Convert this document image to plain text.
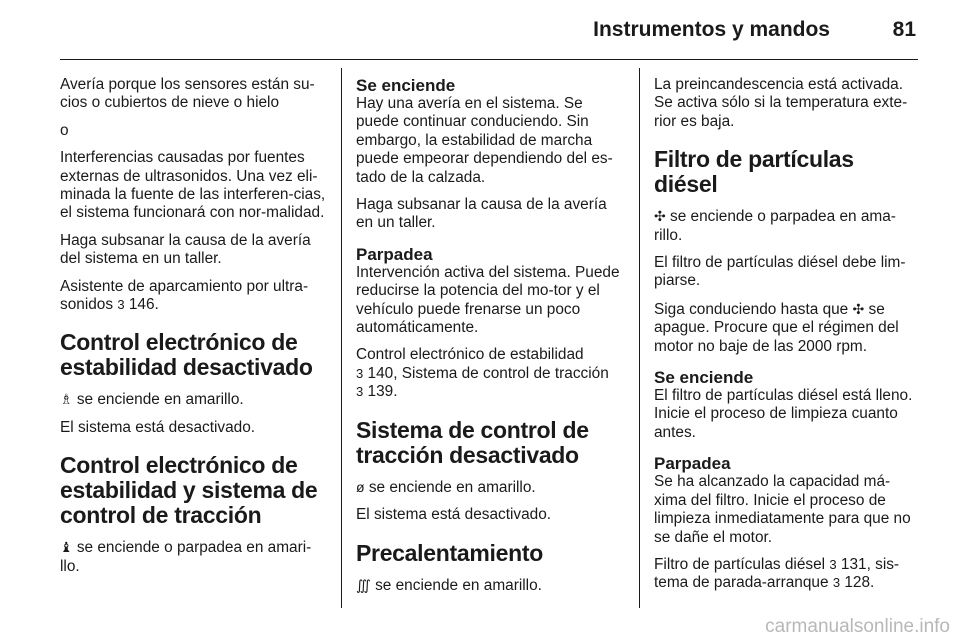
Instrumentos y mandos	81

Avería porque los sensores están su-cios o cubiertos de nieve o hielo

o

Interferencias causadas por fuentes externas de ultrasonidos. Una vez eli-minada la fuente de las interferen-cias, el sistema funcionará con nor-malidad.

Haga subsanar la causa de la avería del sistema en un taller.

Asistente de aparcamiento por ultra-sonidos 3 146.

Control electrónico de estabilidad desactivado

♗ se enciende en amarillo.

El sistema está desactivado.

Control electrónico de estabilidad y sistema de control de tracción

♝ se enciende o parpadea en amari-llo.

Se enciende

Hay una avería en el sistema. Se puede continuar conduciendo. Sin embargo, la estabilidad de marcha puede empeorar dependiendo del es-tado de la calzada.

Haga subsanar la causa de la avería en un taller.

Parpadea

Intervención activa del sistema. Puede reducirse la potencia del mo-tor y el vehículo puede frenarse un poco automáticamente.

Control electrónico de estabilidad
3 140, Sistema de control de tracción
3 139.

Sistema de control de tracción desactivado

ø se enciende en amarillo.

El sistema está desactivado.

Precalentamiento

∭ se enciende en amarillo.

La preincandescencia está activada. Se activa sólo si la temperatura exte-rior es baja.

Filtro de partículas diésel

✣ se enciende o parpadea en ama-rillo.

El filtro de partículas diésel debe lim-piarse.

Siga conduciendo hasta que ✣ se apague. Procure que el régimen del motor no baje de las 2000 rpm.

Se enciende

El filtro de partículas diésel está lleno. Inicie el proceso de limpieza cuanto antes.

Parpadea

Se ha alcanzado la capacidad má-xima del filtro. Inicie el proceso de limpieza inmediatamente para que no se dañe el motor.

Filtro de partículas diésel 3 131, sis-tema de parada-arranque 3 128.

carmanualsonline.info
